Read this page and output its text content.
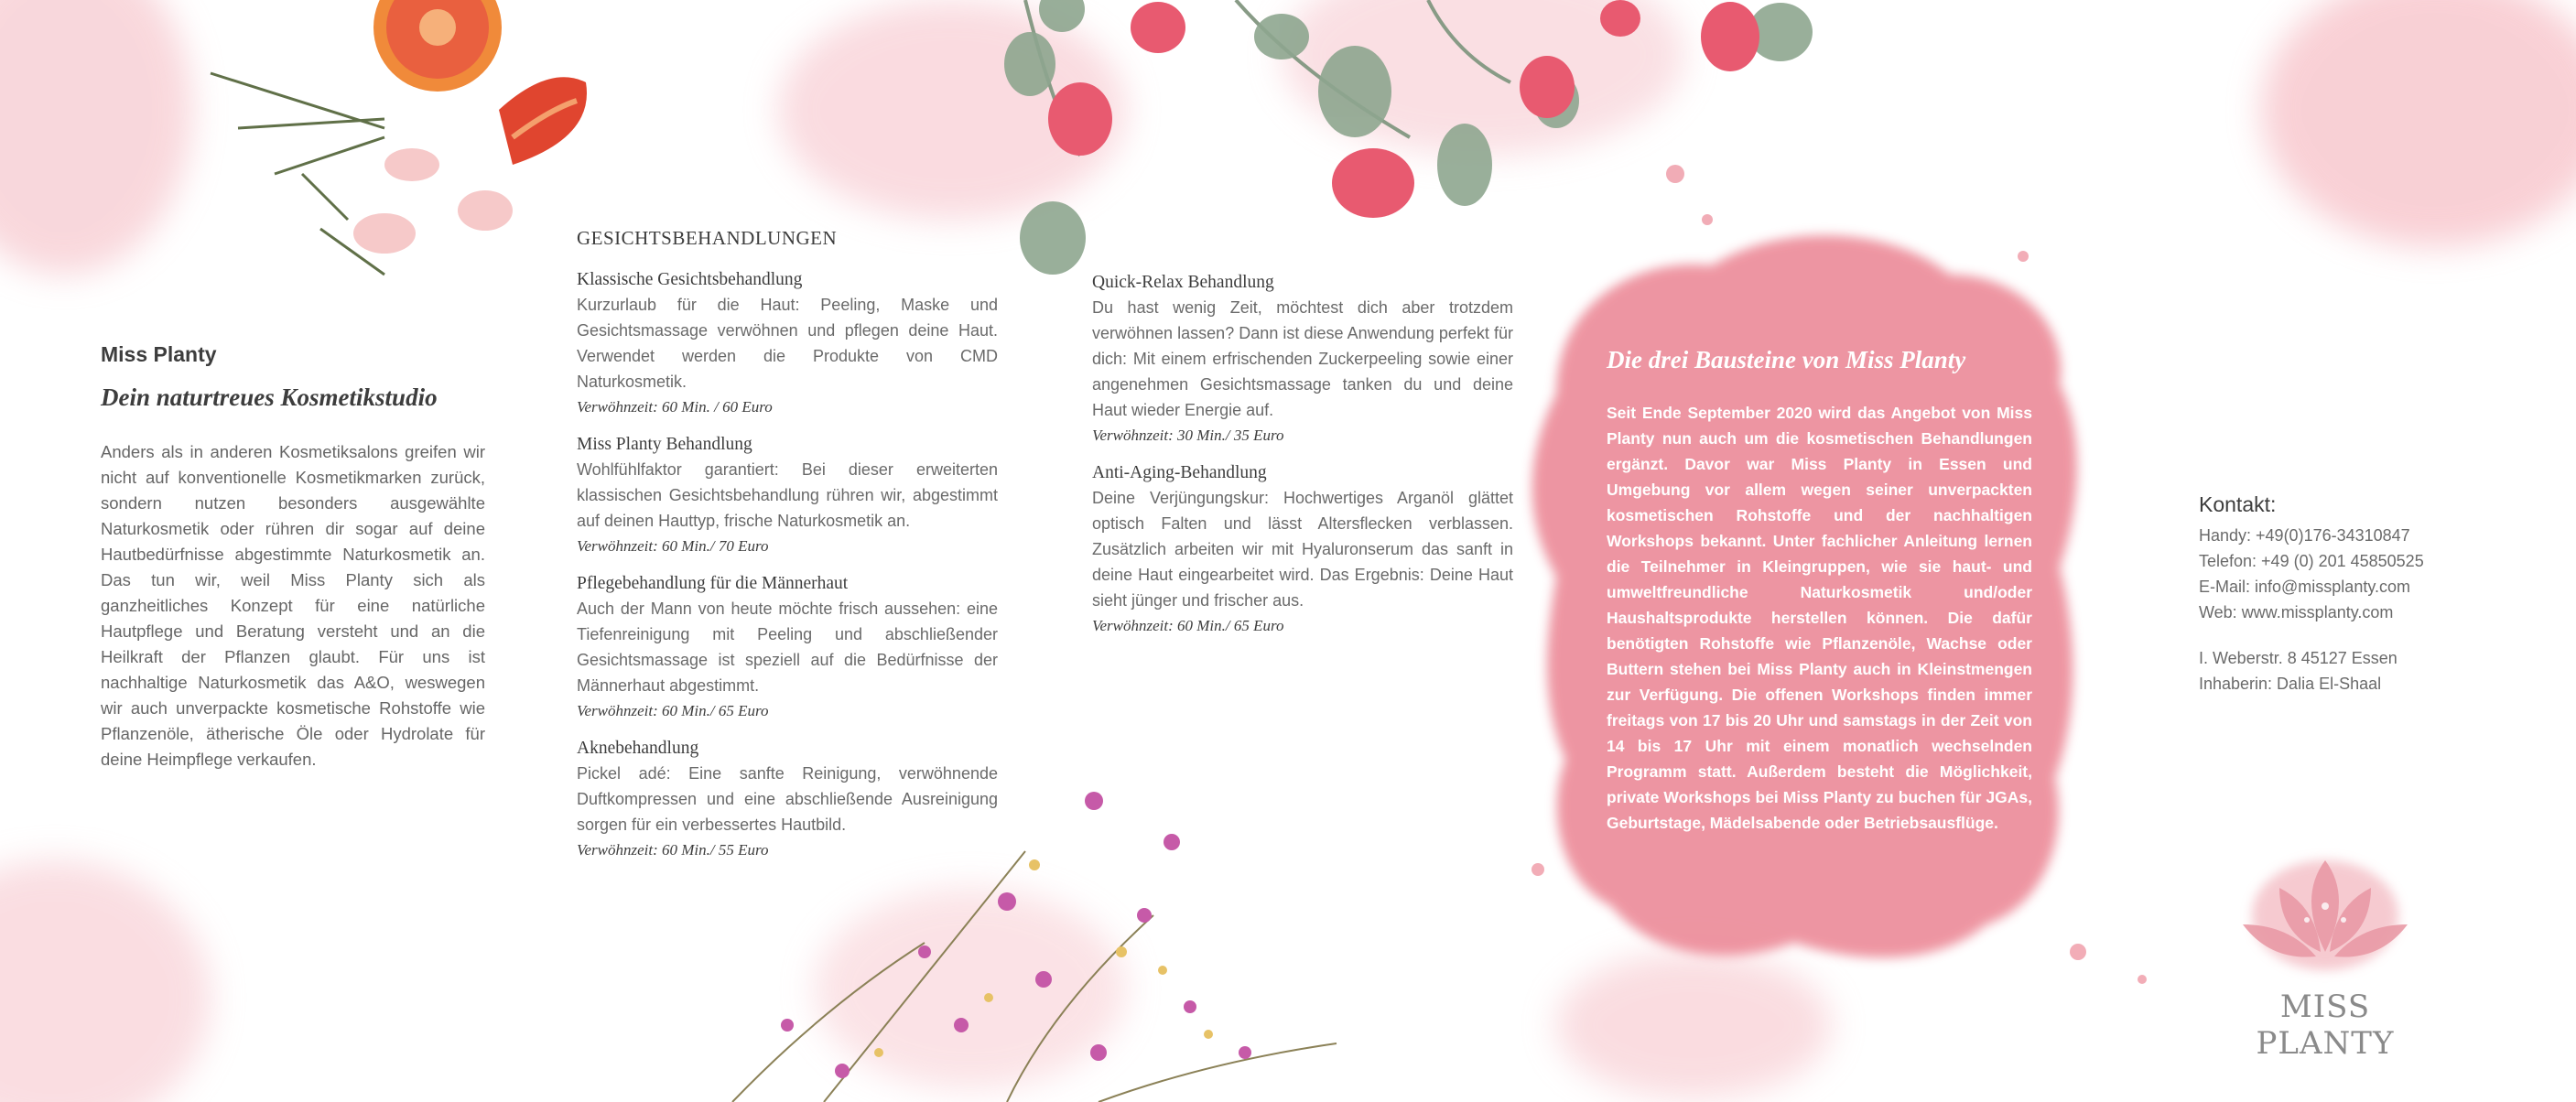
Miss Planty
Dein naturtreues Kosmetikstudio

Anders als in anderen Kosmetiksalons greifen wir nicht auf konventionelle Kosmetikmarken zurück, sondern nutzen besonders ausgewählte Naturkosmetik oder rühren dir sogar auf deine Hautbedürfnisse abgestimmte Naturkosmetik an. Das tun wir, weil Miss Planty sich als ganzheitliches Konzept für eine natürliche Hautpflege und Beratung versteht und an die Heilkraft der Pflanzen glaubt. Für uns ist nachhaltige Naturkosmetik das A&O, weswegen wir auch unverpackte kosmetische Rohstoffe wie Pflanzenöle, ätherische Öle oder Hydrolate für deine Heimpflege verkaufen.

GESICHTSBEHANDLUNGEN
Klassische Gesichtsbehandlung

Kurzurlaub für die Haut: Peeling, Maske und Gesichtsmassage verwöhnen und pflegen deine Haut. Verwendet werden die Produkte von CMD Naturkosmetik.

Verwöhnzeit: 60 Min. / 60 Euro

Miss Planty Behandlung

Wohlfühlfaktor garantiert: Bei dieser erweiterten klassischen Gesichtsbehandlung rühren wir, abgestimmt auf deinen Hauttyp, frische Naturkosmetik an.

Verwöhnzeit: 60 Min./ 70 Euro

Pflegebehandlung für die Männerhaut

Auch der Mann von heute möchte frisch aussehen: eine Tiefenreinigung mit Peeling und abschließender Gesichtsmassage ist speziell auf die Bedürfnisse der Männerhaut abgestimmt.

Verwöhnzeit: 60 Min./ 65 Euro

Aknebehandlung

Pickel adé: Eine sanfte Reinigung, verwöhnende Duftkompressen und eine abschließende Ausreinigung sorgen für ein verbessertes Hautbild.

Verwöhnzeit: 60 Min./ 55 Euro

Quick-Relax Behandlung

Du hast wenig Zeit, möchtest dich aber trotzdem verwöhnen lassen? Dann ist diese Anwendung perfekt für dich: Mit einem erfrischenden Zuckerpeeling sowie einer angenehmen Gesichtsmassage tanken du und deine Haut wieder Energie auf.

Verwöhnzeit: 30 Min./ 35 Euro

Anti-Aging-Behandlung

Deine Verjüngungskur: Hochwertiges Arganöl glättet optisch Falten und lässt Altersflecken verblassen. Zusätzlich arbeiten wir mit Hyaluronserum das sanft in deine Haut eingearbeitet wird. Das Ergebnis: Deine Haut sieht jünger und frischer aus.

Verwöhnzeit: 60 Min./ 65 Euro

Die drei Bausteine von Miss Planty

Seit Ende September 2020 wird das Angebot von Miss Planty nun auch um die kosmetischen Behandlungen ergänzt. Davor war Miss Planty in Essen und Umgebung vor allem wegen seiner unverpackten kosmetischen Rohstoffe und der nachhaltigen Workshops bekannt. Unter fachlicher Anleitung lernen die Teilnehmer in Kleingruppen, wie sie haut- und umweltfreundliche Naturkosmetik und/oder Haushaltsprodukte herstellen können. Die dafür benötigten Rohstoffe wie Pflanzenöle, Wachse oder Buttern stehen bei Miss Planty auch in Kleinstmengen zur Verfügung. Die offenen Workshops finden immer freitags von 17 bis 20 Uhr und samstags in der Zeit von 14 bis 17 Uhr mit einem monatlich wechselnden Programm statt. Außerdem besteht die Möglichkeit, private Workshops bei Miss Planty zu buchen für JGAs, Geburtstage, Mädelsabende oder Betriebsausflüge.

Kontakt:

Handy: +49(0)176-34310847

Telefon: +49 (0) 201 45850525

E-Mail: info@missplanty.com

Web: www.missplanty.com

I. Weberstr. 8 45127 Essen

Inhaberin: Dalia El-Shaal

MISS PLANTY
